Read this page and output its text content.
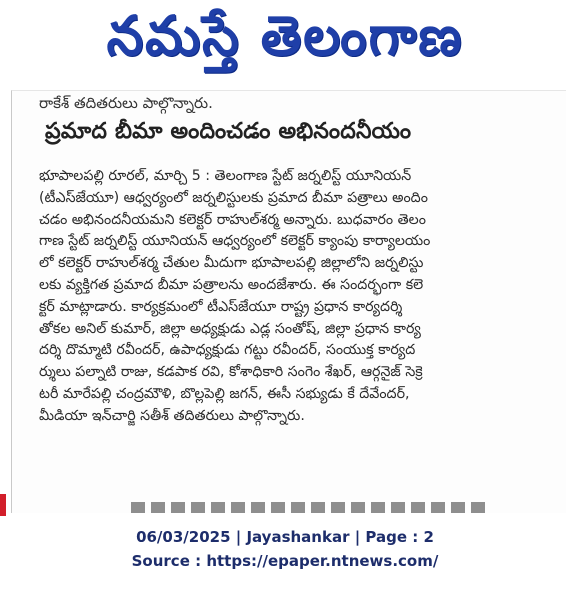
నమస్తే తెలంగాణ
రాకేశ్ తదితరులు పాల్గొన్నారు.
ప్రమాద బీమా అందించడం అభినందనీయం
భూపాలపల్లి రూరల్, మార్చి 5 : తెలంగాణ స్టేట్ జర్నలిస్ట్ యూనియన్
(టీఎస్‌జేయూ) ఆధ్వర్యంలో జర్నలిస్టులకు ప్రమాద బీమా పత్రాలు అందిం
చడం అభినందనీయమని కలెక్టర్ రాహుల్‌శర్మ అన్నారు. బుధవారం తెలం
గాణ స్టేట్ జర్నలిస్ట్ యూనియన్ ఆధ్వర్యంలో కలెక్టర్ క్యాంపు కార్యాలయం
లో కలెక్టర్ రాహుల్‌శర్మ చేతుల మీదుగా భూపాలపల్లి జిల్లాలోని జర్నలిస్టు
లకు వ్యక్తిగత ప్రమాద బీమా పత్రాలను అందజేశారు. ఈ సందర్భంగా కలె
క్టర్ మాట్లాడారు. కార్యక్రమంలో టీఎస్‌జేయూ రాష్ట్ర ప్రధాన కార్యదర్శి
తోకల అనిల్ కుమార్, జిల్లా అధ్యక్షుడు ఎడ్ల సంతోష్, జిల్లా ప్రధాన కార్య
దర్శి దొమ్మాటి రవీందర్, ఉపాధ్యక్షుడు గట్టు రవీందర్, సంయుక్త కార్యద
ర్శులు పల్నాటి రాజు, కడపాక రవి, కోశాధికారి సంగెం శేఖర్, ఆర్గనైజ్ సెక్రె
టరీ మారేపల్లి చంద్రమౌళి, బొల్లపెల్లి జగన్, ఈసీ సభ్యుడు కే దేవేందర్,
మీడియా ఇన్‌చార్జి సతీశ్ తదితరులు పాల్గొన్నారు.
06/03/2025 | Jayashankar | Page : 2
Source : https://epaper.ntnews.com/
